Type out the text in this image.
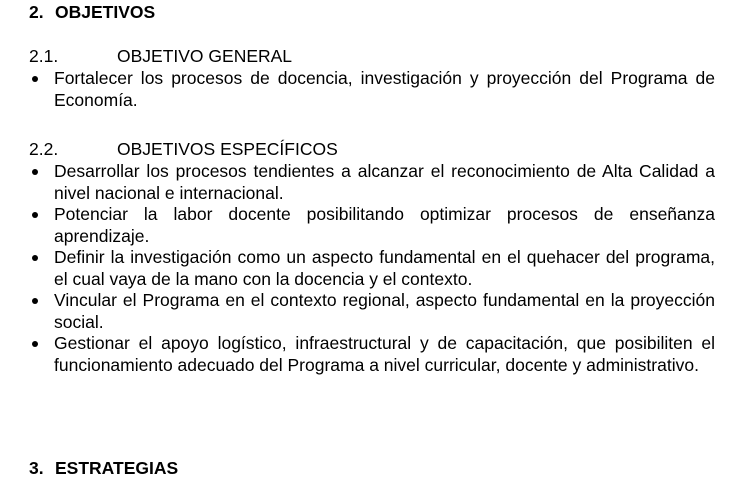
2. OBJETIVOS
2.1.	OBJETIVO GENERAL
Fortalecer los procesos de docencia, investigación y proyección del Programa de Economía.
2.2.	OBJETIVOS ESPECÍFICOS
Desarrollar los procesos tendientes a alcanzar el reconocimiento de Alta Calidad a nivel nacional e internacional.
Potenciar la labor docente posibilitando optimizar procesos de enseñanza aprendizaje.
Definir la investigación como un aspecto fundamental en el quehacer del programa, el cual vaya de la mano con la docencia y el contexto.
Vincular el Programa en el contexto regional, aspecto fundamental en la proyección social.
Gestionar el apoyo logístico, infraestructural y de capacitación, que posibiliten el funcionamiento adecuado del Programa a nivel curricular, docente y administrativo.
3. ESTRATEGIAS
